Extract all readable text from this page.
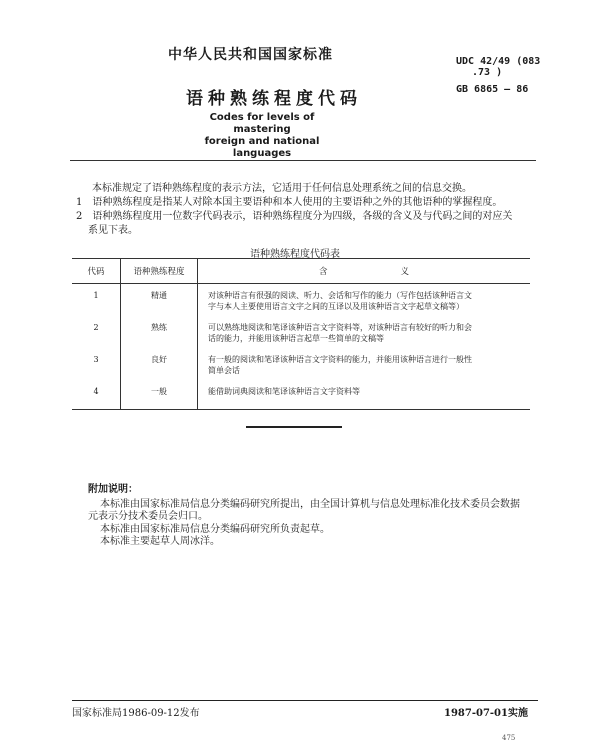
中华人民共和国国家标准	UDC 42/49 (083
.73 )
语种熟练程度代码	GB 6865 — 86
Codes for levels of mastering
foreign and national languages
本标准规定了语种熟练程度的表示方法，它适用于任何信息处理系统之间的信息交换。
1　语种熟练程度是指某人对除本国主要语种和本人使用的主要语种之外的其他语种的掌握程度。
2　语种熟练程度用一位数字代码表示，语种熟练程度分为四级，各级的含义及与代码之间的对应关
系见下表。
语种熟练程度代码表
代码	语种熟练程度	含 义

1	精通	对该种语言有很强的阅读、听力、会话和写作的能力（写作包括该种语言文
字与本人主要使用语言文字之间的互译以及用该种语言文字起草文稿等）

2	熟练	可以熟练地阅读和笔译该种语言文字资料等，对该种语言有较好的听力和会
话的能力，并能用该种语言起草一些简单的文稿等

3	良好	有一般的阅读和笔译该种语言文字资料的能力，并能用该种语言进行一般性
简单会话

4	一般	能借助词典阅读和笔译该种语言文字资料等
附加说明：
本标准由国家标准局信息分类编码研究所提出，由全国计算机与信息处理标准化技术委员会数据
元表示分技术委员会归口。
本标准由国家标准局信息分类编码研究所负责起草。
本标准主要起草人周冰洋。
国家标准局1986-09-12发布	1987-07-01实施
475
